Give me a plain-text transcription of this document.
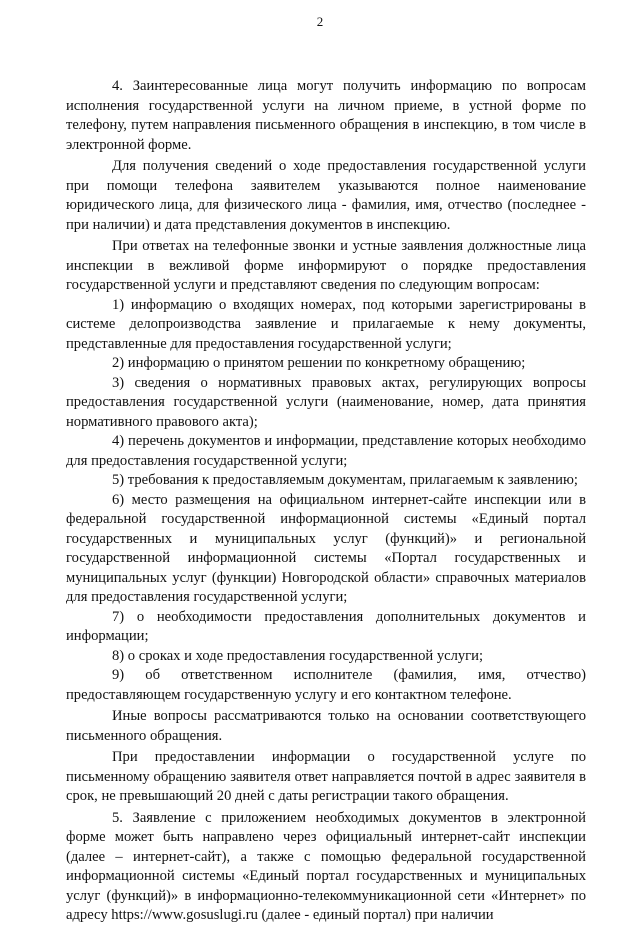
2

4. Заинтересованные лица могут получить информацию по вопросам исполнения государственной услуги на личном приеме, в устной форме по телефону, путем направления письменного обращения в инспекцию, в том числе в электронной форме.

Для получения сведений о ходе предоставления государственной услуги при помощи телефона заявителем указываются полное наименование юридического лица, для физического лица - фамилия, имя, отчество (последнее - при наличии) и дата представления документов в инспекцию.

При ответах на телефонные звонки и устные заявления должностные лица инспекции в вежливой форме информируют о порядке предоставления государственной услуги и представляют сведения по следующим вопросам:

1) информацию о входящих номерах, под которыми зарегистрированы в системе делопроизводства заявление и прилагаемые к нему документы, представленные для предоставления государственной услуги;

2) информацию о принятом решении по конкретному обращению;

3) сведения о нормативных правовых актах, регулирующих вопросы предоставления государственной услуги (наименование, номер, дата принятия нормативного правового акта);

4) перечень документов и информации, представление которых необходимо для предоставления государственной услуги;

5) требования к предоставляемым документам, прилагаемым к заявлению;

6) место размещения на официальном интернет-сайте инспекции или в федеральной государственной информационной системы «Единый портал государственных и муниципальных услуг (функций)» и региональной государственной информационной системы «Портал государственных и муниципальных услуг (функции) Новгородской области» справочных материалов для предоставления государственной услуги;

7) о необходимости предоставления дополнительных документов и информации;

8) о сроках и ходе предоставления государственной услуги;

9) об ответственном исполнителе (фамилия, имя, отчество) предоставляющем государственную услугу и его контактном телефоне.

Иные вопросы рассматриваются только на основании соответствующего письменного обращения.

При предоставлении информации о государственной услуге по письменному обращению заявителя ответ направляется почтой в адрес заявителя в срок, не превышающий 20 дней с даты регистрации такого обращения.

5. Заявление с приложением необходимых документов в электронной форме может быть направлено через официальный интернет-сайт инспекции (далее – интернет-сайт), а также с помощью федеральной государственной информационной системы «Единый портал государственных и муниципальных услуг (функций)» в информационно-телекоммуникационной сети «Интернет» по адресу https://www.gosuslugi.ru (далее - единый портал) при наличии
